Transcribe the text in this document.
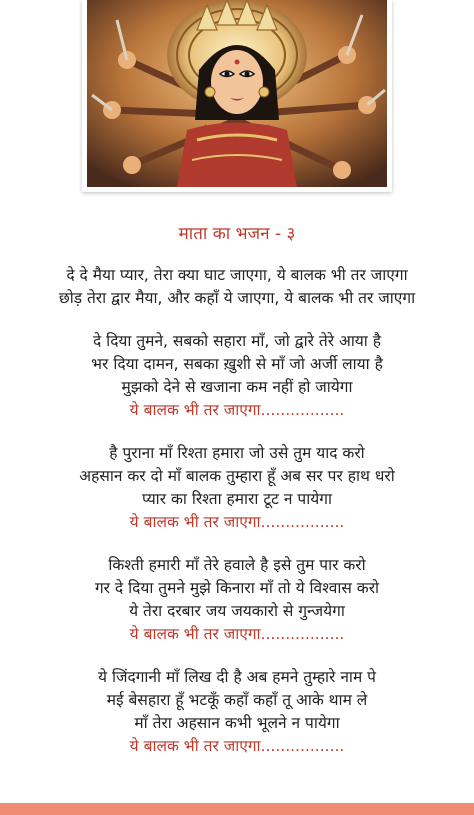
माता का भजन - ३
दे दे मैया प्यार, तेरा क्या घाट जाएगा, ये बालक भी तर जाएगा
छोड़ तेरा द्वार मैया, और कहाँ ये जाएगा, ये बालक भी तर जाएगा
दे दिया तुमने, सबको सहारा माँ, जो द्वारे तेरे आया है
भर दिया दामन, सबका ख़ुशी से माँ जो अर्जी लाया है
मुझको देने से खजाना कम नहीं हो जायेगा
ये बालक भी तर जाएगा.................
है पुराना माँ रिश्ता हमारा जो उसे तुम याद करो
अहसान कर दो माँ बालक तुम्हारा हूँ अब सर पर हाथ धरो
प्यार का रिश्ता हमारा टूट न पायेगा
ये बालक भी तर जाएगा.................
किश्ती हमारी माँ तेरे हवाले है इसे तुम पार करो
गर दे दिया तुमने मुझे किनारा माँ तो ये विश्वास करो
ये तेरा दरबार जय जयकारो से गुन्जयेगा
ये बालक भी तर जाएगा.................
ये जिंदगानी माँ लिख दी है अब हमने तुम्हारे नाम पे
मई बेसहारा हूँ भटकूँ कहाँ कहाँ तू आके थाम ले
माँ तेरा अहसान कभी भूलने न पायेगा
ये बालक भी तर जाएगा.................
